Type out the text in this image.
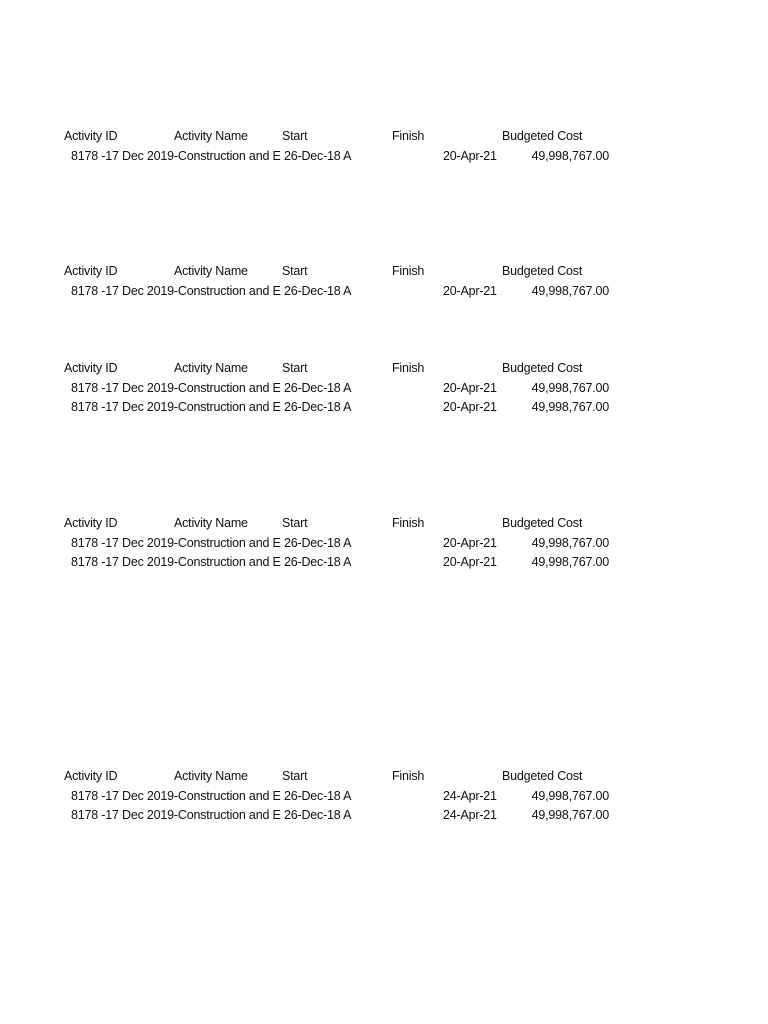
Activity ID	Activity Name	Start	Finish	Budgeted Cost
8178 -17 Dec 2019-Construction and E 26-Dec-18 A	20-Apr-21	49,998,767.00
Activity ID	Activity Name	Start	Finish	Budgeted Cost
8178 -17 Dec 2019-Construction and E 26-Dec-18 A	20-Apr-21	49,998,767.00
Activity ID	Activity Name	Start	Finish	Budgeted Cost
8178 -17 Dec 2019-Construction and E 26-Dec-18 A	20-Apr-21	49,998,767.00
8178 -17 Dec 2019-Construction and E 26-Dec-18 A	20-Apr-21	49,998,767.00
Activity ID	Activity Name	Start	Finish	Budgeted Cost
8178 -17 Dec 2019-Construction and E 26-Dec-18 A	20-Apr-21	49,998,767.00
8178 -17 Dec 2019-Construction and E 26-Dec-18 A	20-Apr-21	49,998,767.00
Activity ID	Activity Name	Start	Finish	Budgeted Cost
8178 -17 Dec 2019-Construction and E 26-Dec-18 A	24-Apr-21	49,998,767.00
8178 -17 Dec 2019-Construction and E 26-Dec-18 A	24-Apr-21	49,998,767.00
